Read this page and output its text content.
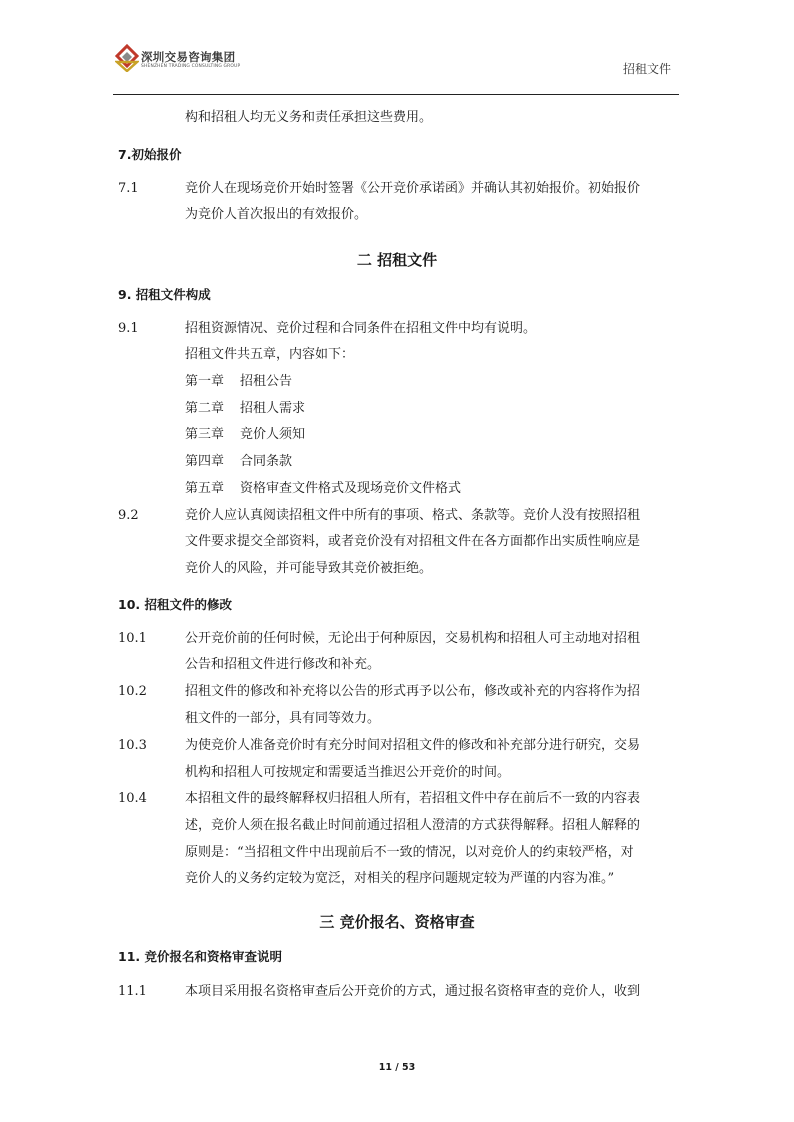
深圳交易咨询集团
SHENZHEN TRADING CONSULTING GROUP	招租文件
构和招租人均无义务和责任承担这些费用。
7.初始报价
7.1	竞价人在现场竞价开始时签署《公开竞价承诺函》并确认其初始报价。初始报价
为竞价人首次报出的有效报价。
二 招租文件
9. 招租文件构成
9.1	招租资源情况、竞价过程和合同条件在招租文件中均有说明。
招租文件共五章，内容如下：
第一章 招租公告
第二章 招租人需求
第三章 竞价人须知
第四章 合同条款
第五章 资格审查文件格式及现场竞价文件格式
9.2	竞价人应认真阅读招租文件中所有的事项、格式、条款等。竞价人没有按照招租
文件要求提交全部资料，或者竞价没有对招租文件在各方面都作出实质性响应是
竞价人的风险，并可能导致其竞价被拒绝。
10. 招租文件的修改
10.1	公开竞价前的任何时候，无论出于何种原因，交易机构和招租人可主动地对招租
公告和招租文件进行修改和补充。
10.2	招租文件的修改和补充将以公告的形式再予以公布，修改或补充的内容将作为招
租文件的一部分，具有同等效力。
10.3	为使竞价人准备竞价时有充分时间对招租文件的修改和补充部分进行研究，交易
机构和招租人可按规定和需要适当推迟公开竞价的时间。
10.4	本招租文件的最终解释权归招租人所有，若招租文件中存在前后不一致的内容表
述，竞价人须在报名截止时间前通过招租人澄清的方式获得解释。招租人解释的
原则是：“当招租文件中出现前后不一致的情况，以对竞价人的约束较严格，对
竞价人的义务约定较为宽泛，对相关的程序问题规定较为严谨的内容为准。”
三 竞价报名、资格审查
11. 竞价报名和资格审查说明
11.1	本项目采用报名资格审查后公开竞价的方式，通过报名资格审查的竞价人，收到
11 / 53
